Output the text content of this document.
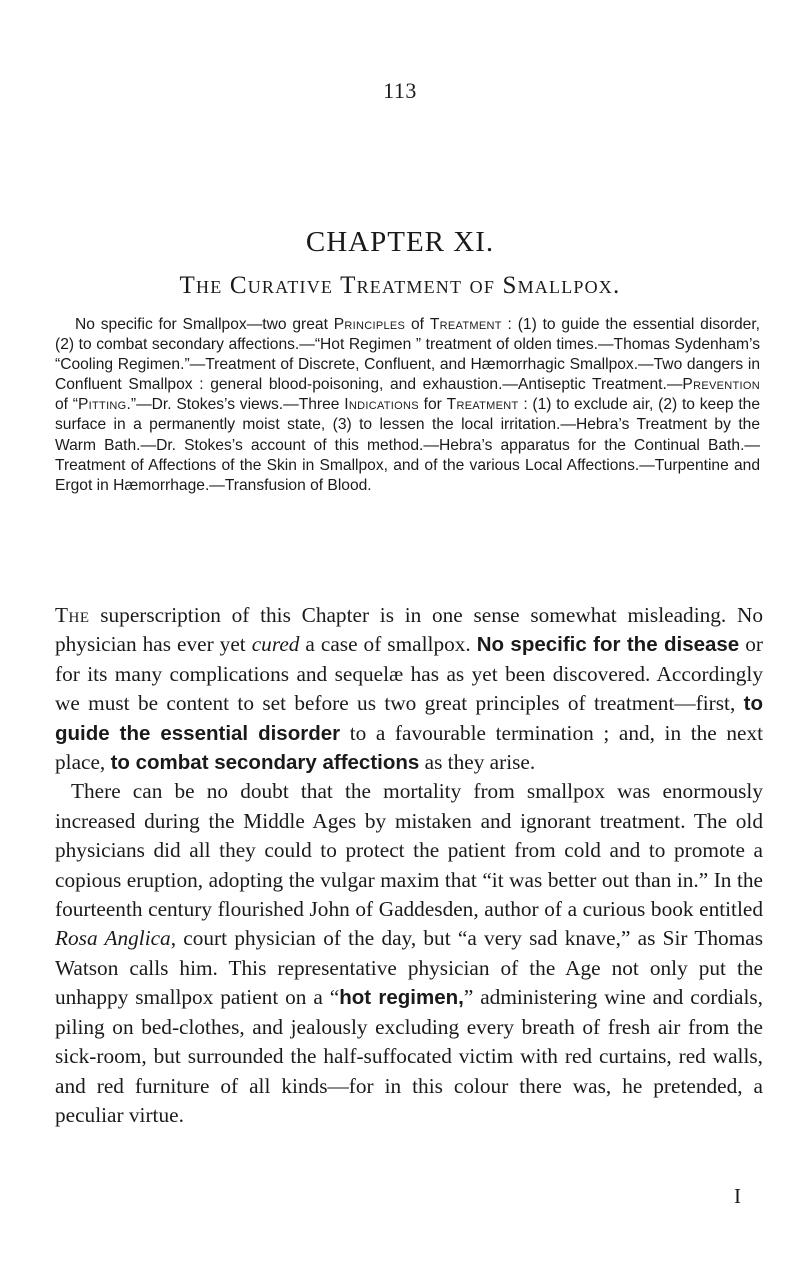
113
CHAPTER XI.
The Curative Treatment of Smallpox.

No specific for Smallpox—two great Principles of Treatment : (1) to guide the essential disorder, (2) to combat secondary affections.—“Hot Regimen ” treatment of olden times.—Thomas Sydenham’s “Cooling Regimen.”—Treatment of Discrete, Confluent, and Hæmorrhagic Smallpox.—Two dangers in Confluent Smallpox : general blood-poisoning, and exhaustion.—Antiseptic Treatment.—Prevention of “Pitting.”—Dr. Stokes’s views.—Three Indications for Treatment : (1) to exclude air, (2) to keep the surface in a permanently moist state, (3) to lessen the local irritation.—Hebra’s Treatment by the Warm Bath.—Dr. Stokes’s account of this method.—Hebra’s apparatus for the Continual Bath.—Treatment of Affections of the Skin in Smallpox, and of the various Local Affections.—Turpentine and Ergot in Hæmorrhage.—Transfusion of Blood.

The superscription of this Chapter is in one sense somewhat misleading. No physician has ever yet cured a case of smallpox. No specific for the disease or for its many complications and sequelæ has as yet been discovered. Accordingly we must be content to set before us two great principles of treatment—first, to guide the essential disorder to a favourable termination ; and, in the next place, to combat secondary affections as they arise.

There can be no doubt that the mortality from smallpox was enormously increased during the Middle Ages by mistaken and ignorant treatment. The old physicians did all they could to protect the patient from cold and to promote a copious eruption, adopting the vulgar maxim that “it was better out than in.” In the fourteenth century flourished John of Gaddesden, author of a curious book entitled Rosa Anglica, court physician of the day, but “a very sad knave,” as Sir Thomas Watson calls him. This representative physician of the Age not only put the unhappy smallpox patient on a “hot regimen,” administering wine and cordials, piling on bed-clothes, and jealously excluding every breath of fresh air from the sick-room, but surrounded the half-suffocated victim with red curtains, red walls, and red furniture of all kinds—for in this colour there was, he pretended, a peculiar virtue.

I
